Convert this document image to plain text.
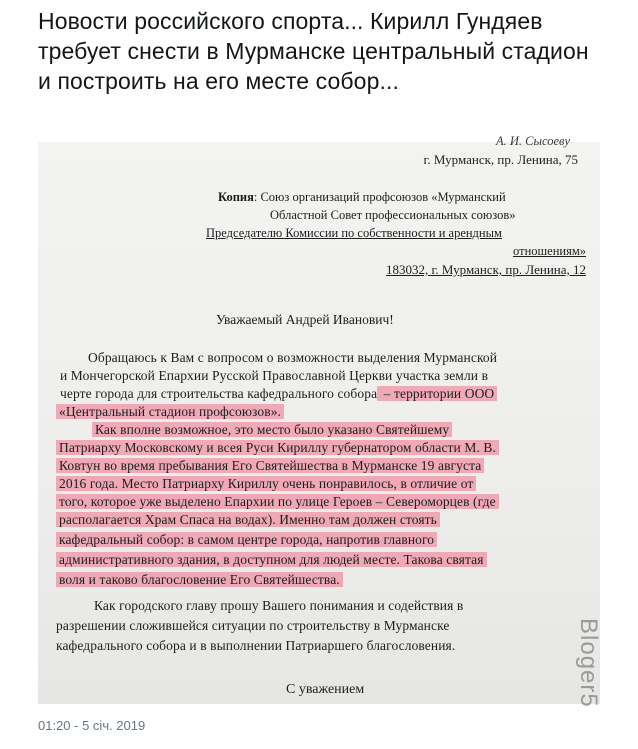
Новости российского спорта... Кирилл Гундяев требует снести в Мурманске центральный стадион и построить на его месте собор...
А. И. Сысоеву
г. Мурманск, пр. Ленина, 75
Копия: Союз организаций профсоюзов «Мурманский
Областной Совет профессиональных союзов»
Председателю Комиссии по собственности и арендным
отношениям»
183032, г. Мурманск, пр. Ленина, 12
Уважаемый Андрей Иванович!
Обращаюсь к Вам с вопросом о возможности выделения Мурманской
и Мончегорской Епархии Русской Православной Церкви участка земли в
черте города для строительства кафедрального собора – территории ООО
«Центральный стадион профсоюзов».
Как вполне возможное, это место было указано Святейшему
Патриарху Московскому и всея Руси Кириллу губернатором области М. В.
Ковтун во время пребывания Его Святейшества в Мурманске 19 августа
2016 года. Место Патриарху Кириллу очень понравилось, в отличие от
того, которое уже выделено Епархии по улице Героев – Североморцев (где
располагается Храм Спаса на водах). Именно там должен стоять
кафедральный собор: в самом центре города, напротив главного
административного здания, в доступном для людей месте. Такова святая
воля и таково благословение Его Святейшества.
Как городского главу прошу Вашего понимания и содействия в
разрешении сложившейся ситуации по строительству в Мурманске
кафедрального собора и в выполнении Патриаршего благословения.
С уважением	Bloger5
01:20 - 5 січ. 2019
